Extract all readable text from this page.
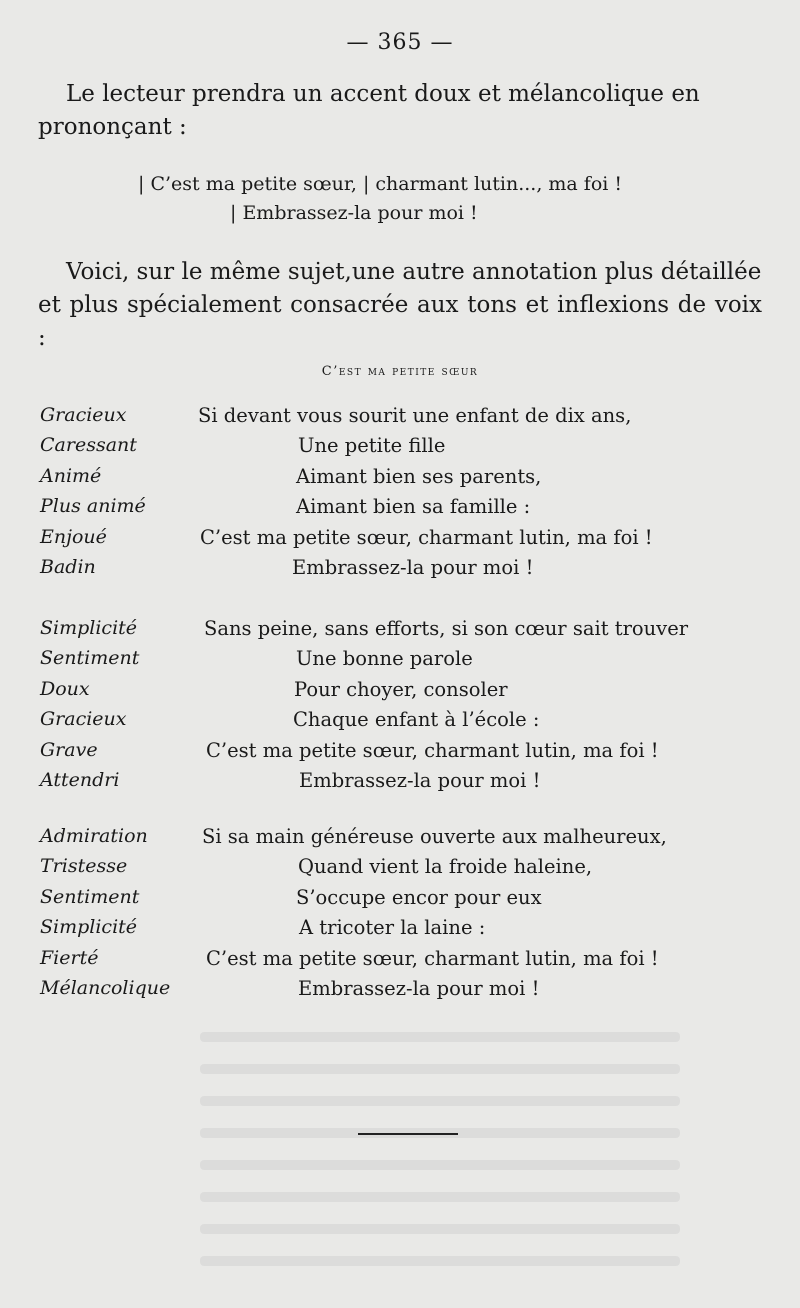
— 365 —
Le lecteur prendra un accent doux et mélancolique en
prononçant :
| C’est ma petite sœur, | charmant lutin..., ma foi !
| Embrassez-la pour moi !
Voici, sur le même sujet,une autre annotation plus détaillée
et plus spécialement consacrée aux tons et inflexions de voix :
C’est ma petite sœur
Gracieux	Si devant vous sourit une enfant de dix ans,
Caressant	Une petite fille
Animé	Aimant bien ses parents,
Plus animé	Aimant bien sa famille :
Enjoué	C’est ma petite sœur, charmant lutin, ma foi !
Badin	Embrassez-la pour moi !
Simplicité	Sans peine, sans efforts, si son cœur sait trouver
Sentiment	Une bonne parole
Doux	Pour choyer, consoler
Gracieux	Chaque enfant à l’école :
Grave	C’est ma petite sœur, charmant lutin, ma foi !
Attendri	Embrassez-la pour moi !
Admiration	Si sa main généreuse ouverte aux malheureux,
Tristesse	Quand vient la froide haleine,
Sentiment	S’occupe encor pour eux
Simplicité	A tricoter la laine :
Fierté	C’est ma petite sœur, charmant lutin, ma foi !
Mélancolique	Embrassez-la pour moi !
